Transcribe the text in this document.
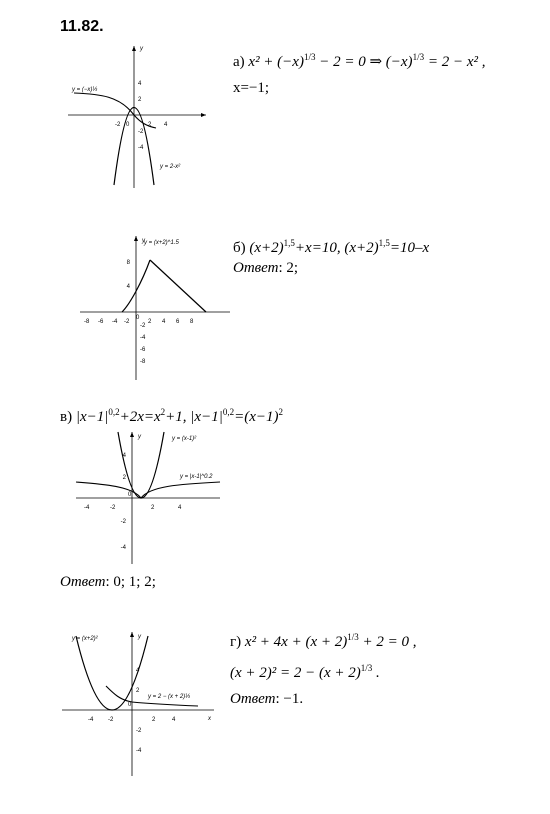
11.82.
y
-2 0	2 4
4
2
-2
-4
y = (−x)⅓
y = 2-x²
а) $x^2 + (-x)^{1/3} - 2 = 0$ ⇒ $(-x)^{1/3} = 2 - x^2$ ,
x=−1;
y
-8 -6 -4 -2
0
2 4 6 8
8
4
-2
-4
-6
-8
y = (x+2)^1.5	б) $(x+2)^{1,5}+x=10$, $(x+2)^{1,5}=10-x$
Ответ: 2;
в) $|x-1|^{0,2}+2x=x^2+1$, $|x-1|^{0,2}=(x-1)^2$
y
-4	-2
0
2	4
4
2
-2
-4
y = (x-1)²
y = |x-1|^0.2
Ответ: 0; 1; 2;
y
x
-4 -2
0
2	4
4
2
-2
-4
y = (x+2)²
y = 2 − (x + 2)⅓
г) $x^2 + 4x + (x + 2)^{1/3} + 2 = 0$ ,
$(x + 2)^2 = 2 - (x + 2)^{1/3}$ .
Ответ: −1.
